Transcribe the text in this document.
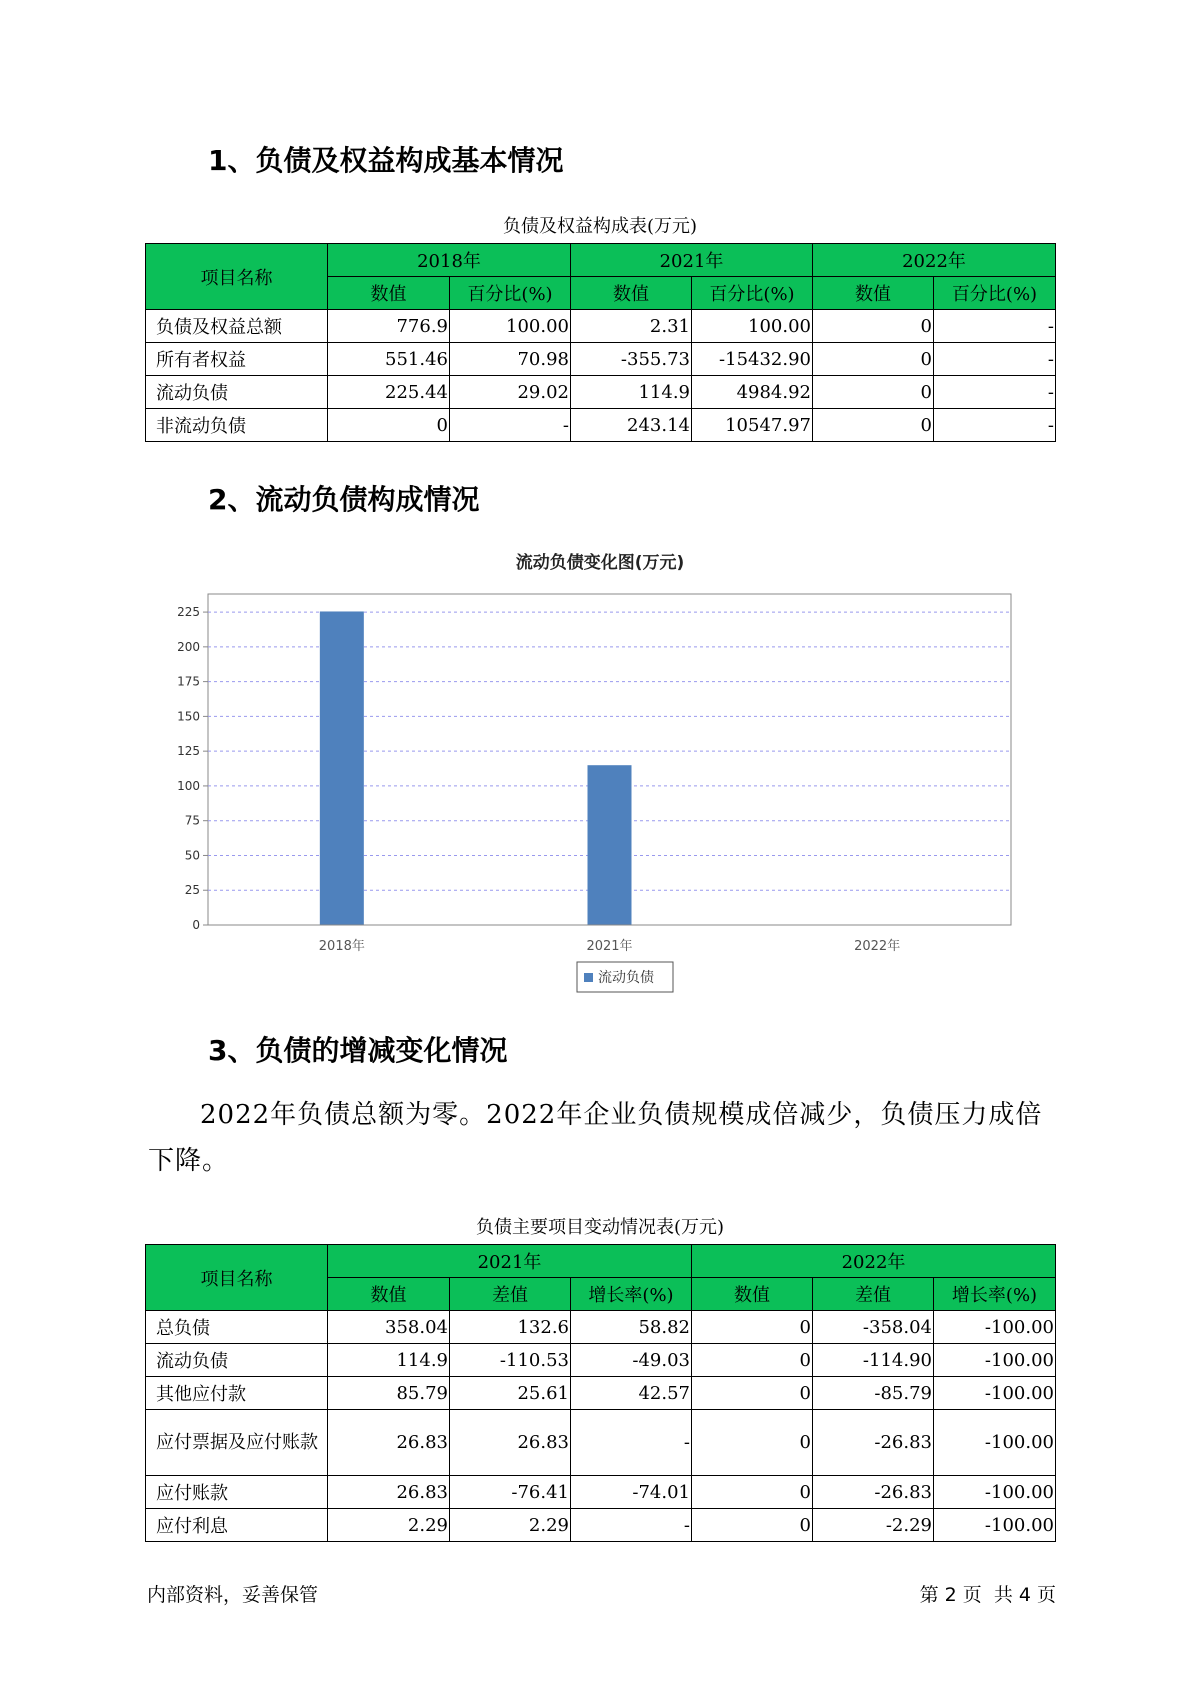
1、负债及权益构成基本情况
负债及权益构成表(万元)
项目名称	2018年		2021年		2022年	
	数值	百分比(%)	数值	百分比(%)	数值	百分比(%)
负债及权益总额	776.9	100.00	2.31	100.00	0	-
所有者权益	551.46	70.98	-355.73	-15432.90	0	-
流动负债	225.44	29.02	114.9	4984.92	0	-
非流动负债	0	-	243.14	10547.97	0	-
2、流动负债构成情况
流动负债变化图(万元)
0
25
50
75
100
125
150
175
200
225
2018年	2021年	2022年
流动负债
3、负债的增减变化情况

2022年负债总额为零。2022年企业负债规模成倍减少，负债压力成倍下降。

负债主要项目变动情况表(万元)
项目名称	2021年			2022年		
	数值	差值	增长率(%)	数值	差值	增长率(%)
总负债	358.04	132.6	58.82	0	-358.04	-100.00
流动负债	114.9	-110.53	-49.03	0	-114.90	-100.00
其他应付款	85.79	25.61	42.57	0	-85.79	-100.00
应付票据及应付账款	26.83	26.83	-	0	-26.83	-100.00
应付账款	26.83	-76.41	-74.01	0	-26.83	-100.00
应付利息	2.29	2.29	-	0	-2.29	-100.00
内部资料，妥善保管	第 2 页  共 4 页
